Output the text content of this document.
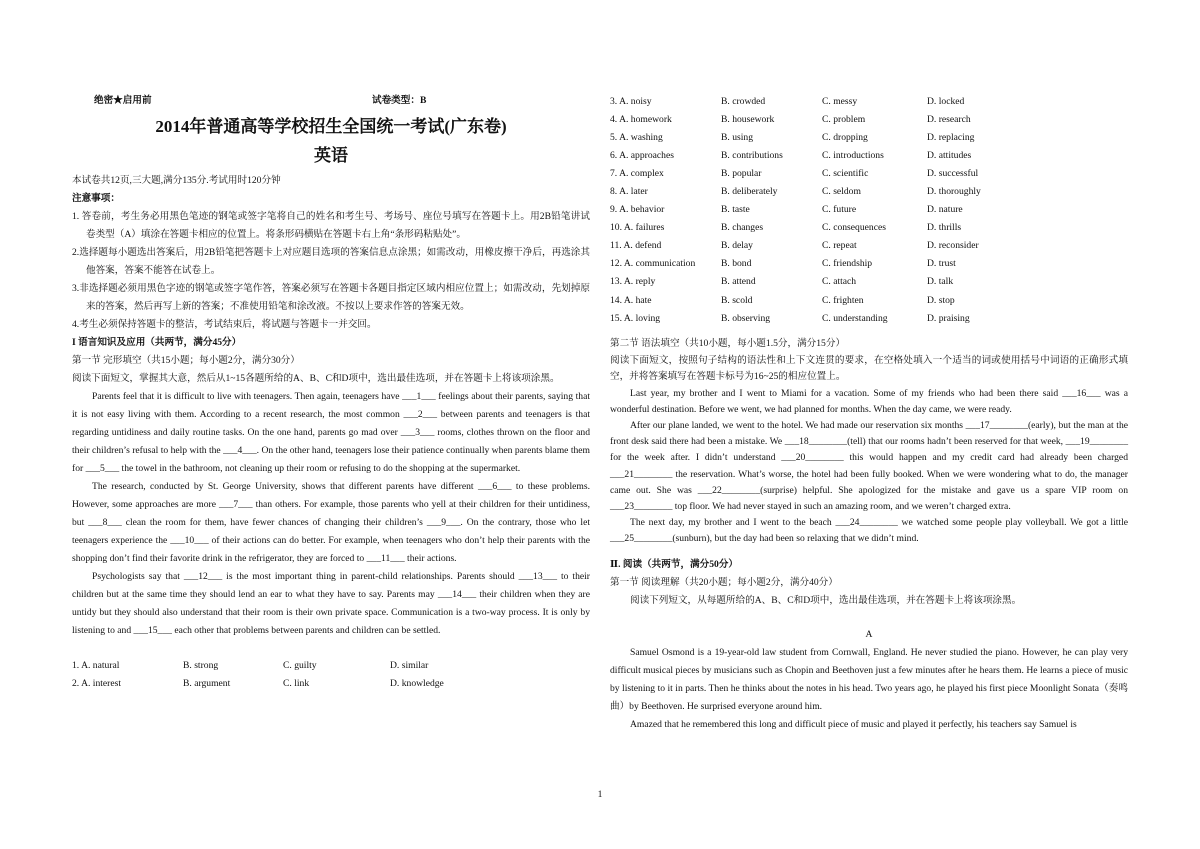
绝密★启用前	试卷类型：B
2014年普通高等学校招生全国统一考试(广东卷)
英语

本试卷共12页,三大题,满分135分.考试用时120分钟

注意事项：

1. 答卷前，考生务必用黑色笔迹的钢笔或签字笔将自己的姓名和考生号、考场号、座位号填写在答题卡上。用2B铅笔讲试卷类型（A）填涂在答题卡相应的位置上。将条形码横贴在答题卡右上角“条形码粘贴处”。

2.选择题每小题选出答案后，用2B铅笔把答题卡上对应题目选项的答案信息点涂黑；如需改动，用橡皮擦干净后，再选涂其他答案，答案不能答在试卷上。

3.非选择题必须用黑色字迹的钢笔或签字笔作答，答案必须写在答题卡各题目指定区域内相应位置上；如需改动，先划掉原来的答案，然后再写上新的答案；不准使用铅笔和涂改液。不按以上要求作答的答案无效。

4.考生必须保持答题卡的整洁，考试结束后，将试题与答题卡一并交回。

I 语言知识及应用（共两节，满分45分）

第一节 完形填空（共15小题；每小题2分，满分30分）

阅读下面短文，掌握其大意，然后从1~15各题所给的A、B、C和D项中，选出最佳选项，并在答题卡上将该项涂黑。

Parents feel that it is difficult to live with teenagers. Then again, teenagers have ___1___ feelings about their parents, saying that it is not easy living with them. According to a recent research, the most common ___2___ between parents and teenagers is that regarding untidiness and daily routine tasks. On the one hand, parents go mad over ___3___ rooms, clothes thrown on the floor and their children’s refusal to help with the ___4___. On the other hand, teenagers lose their patience continually when parents blame them for ___5___ the towel in the bathroom, not cleaning up their room or refusing to do the shopping at the supermarket.

The research, conducted by St. George University, shows that different parents have different ___6___ to these problems. However, some approaches are more ___7___ than others. For example, those parents who yell at their children for their untidiness, but ___8___ clean the room for them, have fewer chances of changing their children’s ___9___. On the contrary, those who let teenagers experience the ___10___ of their actions can do better. For example, when teenagers who don’t help their parents with the shopping don’t find their favorite drink in the refrigerator, they are forced to ___11___ their actions.

Psychologists say that ___12___ is the most important thing in parent-child relationships. Parents should ___13___ to their children but at the same time they should lend an ear to what they have to say. Parents may ___14___ their children when they are untidy but they should also understand that their room is their own private space. Communication is a two-way process. It is only by listening to and ___15___ each other that problems between parents and children can be settled.

1. A. natural	B. strong	C. guilty	D. similar
2. A. interest	B. argument	C. link	D. knowledge
3. A. noisy	B. crowded	C. messy	D. locked
4. A. homework	B. housework	C. problem	D. research
5. A. washing	B. using	C. dropping	D. replacing
6. A. approaches	B. contributions	C. introductions	D. attitudes
7. A. complex	B. popular	C. scientific	D. successful
8. A. later	B. deliberately	C. seldom	D. thoroughly
9. A. behavior	B. taste	C. future	D. nature
10. A. failures	B. changes	C. consequences	D. thrills
11. A. defend	B. delay	C. repeat	D. reconsider
12. A. communication	B. bond	C. friendship	D. trust
13. A. reply	B. attend	C. attach	D. talk
14. A. hate	B. scold	C. frighten	D. stop
15. A. loving	B. observing	C. understanding	D. praising

第二节 语法填空（共10小题，每小题1.5分，满分15分）

阅读下面短文，按照句子结构的语法性和上下文连贯的要求，在空格处填入一个适当的词或使用括号中词语的正确形式填空，并将答案填写在答题卡标号为16~25的相应位置上。

Last year, my brother and I went to Miami for a vacation. Some of my friends who had been there said ___16___ was a wonderful destination. Before we went, we had planned for months. When the day came, we were ready.

After our plane landed, we went to the hotel. We had made our reservation six months ___17________(early), but the man at the front desk said there had been a mistake. We ___18________(tell) that our rooms hadn’t been reserved for that week, ___19________ for the week after. I didn’t understand ___20________ this would happen and my credit card had already been charged ___21________ the reservation. What’s worse, the hotel had been fully booked. When we were wondering what to do, the manager came out. She was ___22________(surprise) helpful. She apologized for the mistake and gave us a spare VIP room on ___23________ top floor. We had never stayed in such an amazing room, and we weren’t charged extra.

The next day, my brother and I went to the beach ___24________ we watched some people play volleyball. We got a little ___25________(sunburn), but the day had been so relaxing that we didn’t mind.

Ⅱ. 阅读（共两节，满分50分）

第一节 阅读理解（共20小题；每小题2分，满分40分）

阅读下列短文，从每题所给的A、B、C和D项中，选出最佳选项，并在答题卡上将该项涂黑。

A

Samuel Osmond is a 19-year-old law student from Cornwall, England. He never studied the piano. However, he can play very difficult musical pieces by musicians such as Chopin and Beethoven just a few minutes after he hears them. He learns a piece of music by listening to it in parts. Then he thinks about the notes in his head. Two years ago, he played his first piece Moonlight Sonata（奏鸣曲）by Beethoven. He surprised everyone around him.

Amazed that he remembered this long and difficult piece of music and played it perfectly, his teachers say Samuel is

1
